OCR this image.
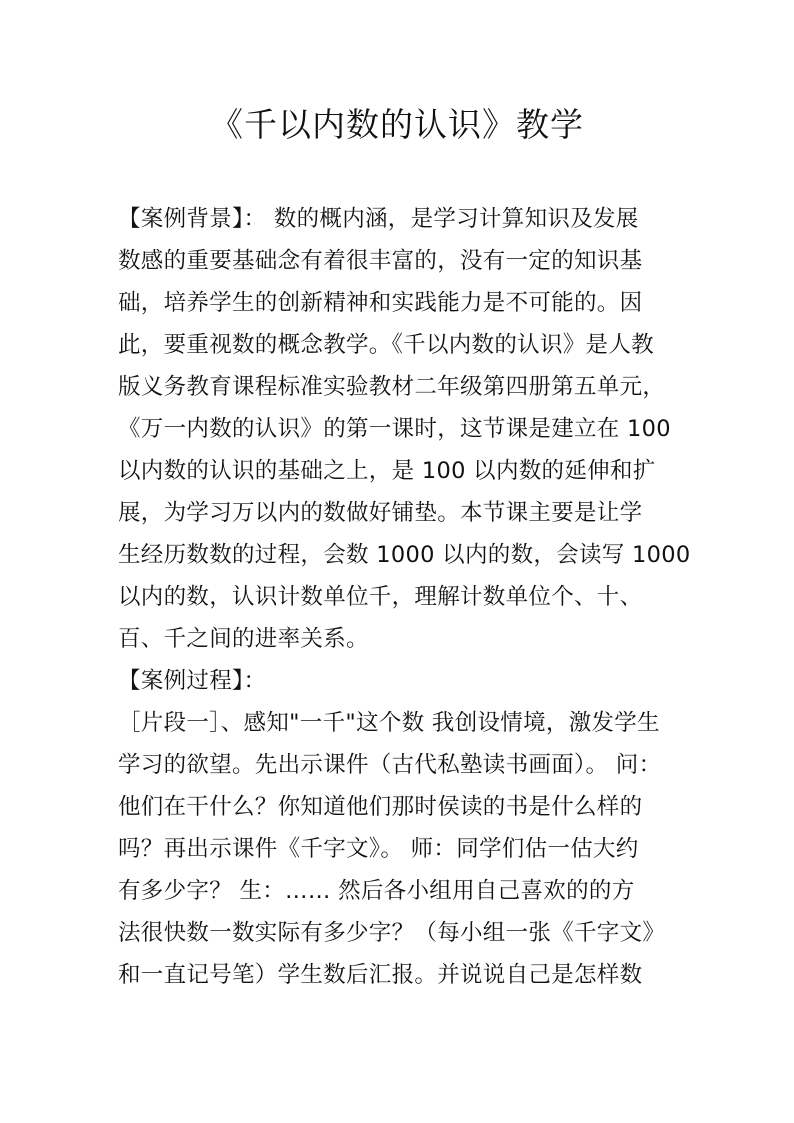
《千以内数的认识》教学
【案例背景】： 数的概内涵，是学习计算知识及发展
数感的重要基础念有着很丰富的，没有一定的知识基
础，培养学生的创新精神和实践能力是不可能的。因
此，要重视数的概念教学。《千以内数的认识》是人教
版义务教育课程标准实验教材二年级第四册第五单元，
《万一内数的认识》的第一课时，这节课是建立在 100
以内数的认识的基础之上，是 100 以内数的延伸和扩
展，为学习万以内的数做好铺垫。本节课主要是让学
生经历数数的过程，会数 1000 以内的数，会读写 1000
以内的数，认识计数单位千，理解计数单位个、十、
百、千之间的进率关系。
【案例过程】：
［片段一］、感知"一千"这个数 我创设情境，激发学生
学习的欲望。先出示课件（古代私塾读书画面）。 问：
他们在干什么？你知道他们那时侯读的书是什么样的
吗？再出示课件《千字文》。 师：同学们估一估大约
有多少字？ 生：…… 然后各小组用自己喜欢的的方
法很快数一数实际有多少字？（每小组一张《千字文》
和一直记号笔）学生数后汇报。并说说自己是怎样数
